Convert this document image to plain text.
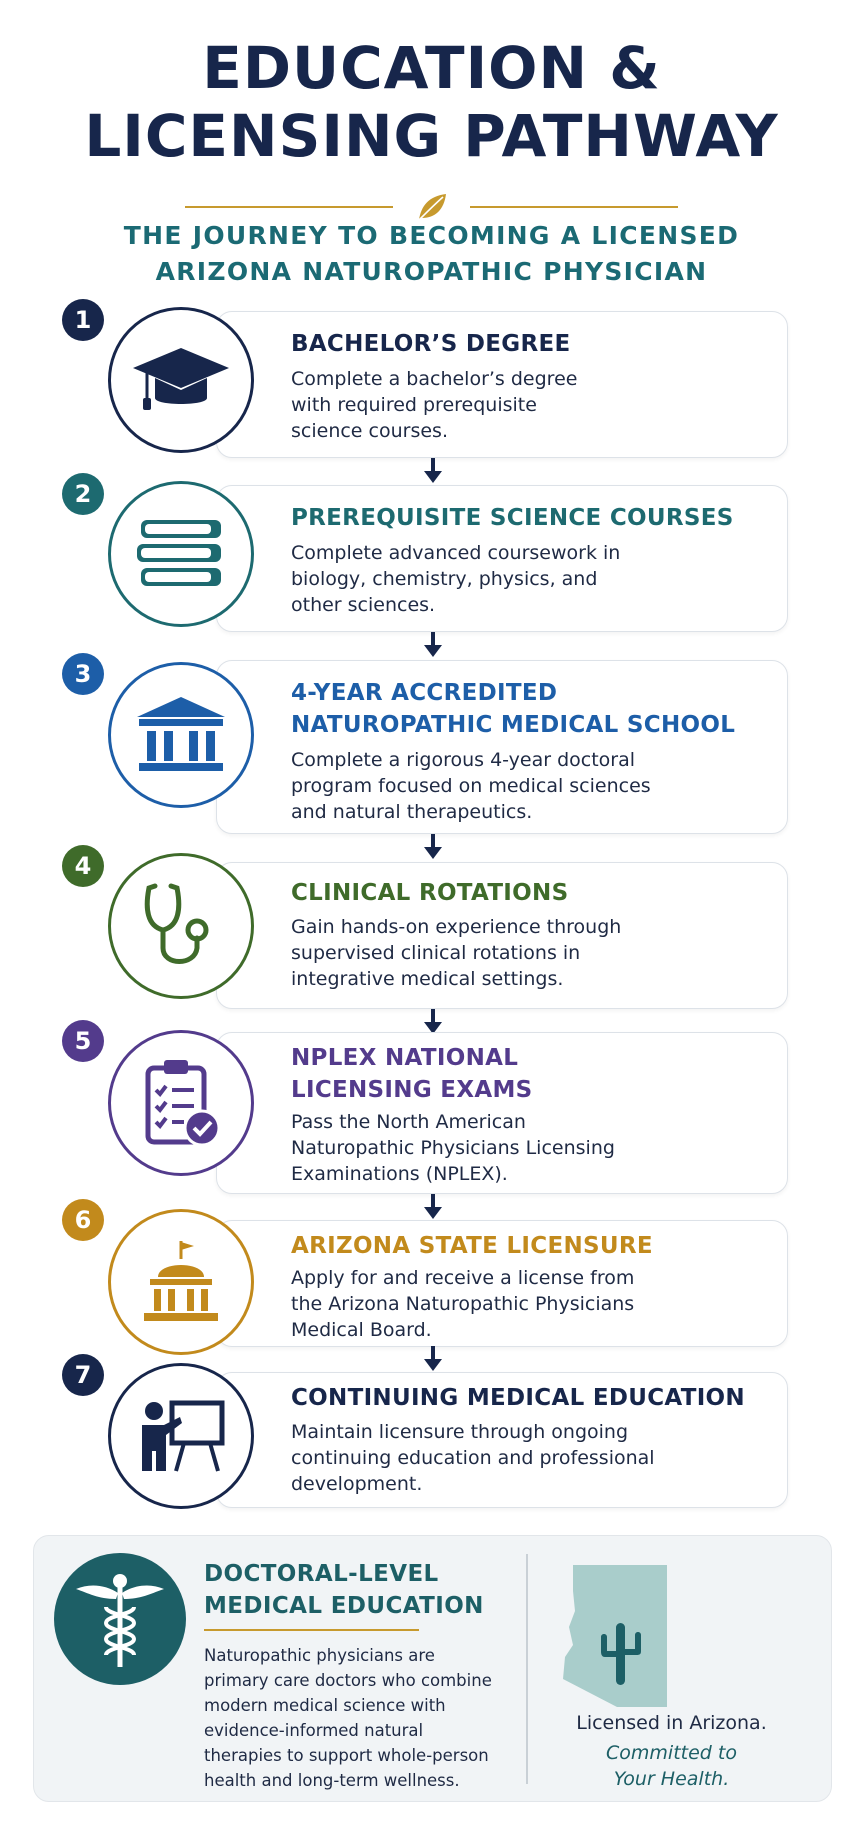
EDUCATION &
LICENSING PATHWAY
THE JOURNEY TO BECOMING A LICENSED
ARIZONA NATUROPATHIC PHYSICIAN
1
BACHELOR’S DEGREE
Complete a bachelor’s degree
with required prerequisite
science courses.
2
PREREQUISITE SCIENCE COURSES
Complete advanced coursework in
biology, chemistry, physics, and
other sciences.
3
4-YEAR ACCREDITED
NATUROPATHIC MEDICAL SCHOOL
Complete a rigorous 4-year doctoral
program focused on medical sciences
and natural therapeutics.
4
CLINICAL ROTATIONS
Gain hands-on experience through
supervised clinical rotations in
integrative medical settings.
5
NPLEX NATIONAL
LICENSING EXAMS
Pass the North American
Naturopathic Physicians Licensing
Examinations (NPLEX).
6
ARIZONA STATE LICENSURE
Apply for and receive a license from
the Arizona Naturopathic Physicians
Medical Board.
7
CONTINUING MEDICAL EDUCATION
Maintain licensure through ongoing
continuing education and professional
development.
DOCTORAL-LEVEL
MEDICAL EDUCATION
Naturopathic physicians are
primary care doctors who combine
modern medical science with
evidence-informed natural
therapies to support whole-person
health and long-term wellness.
Licensed in Arizona.
Committed to
Your Health.
